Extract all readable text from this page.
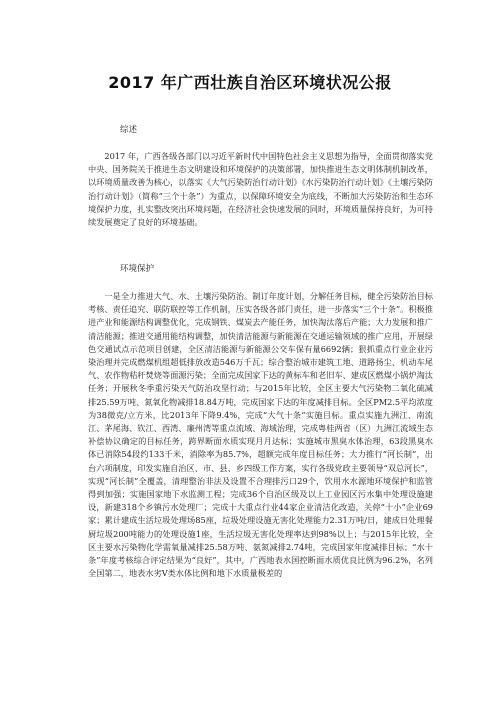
2017 年广西壮族自治区环境状况公报
综述

2017 年，广西各级各部门以习近平新时代中国特色社会主义思想为指导，全面贯彻落实党中央、国务院关于推进生态文明建设和环境保护的决策部署，加快推进生态文明体制机制改革，以环境质量改善为核心，以落实《大气污染防治行动计划》《水污染防治行动计划》《土壤污染防治行动计划》（简称“三个十条”）为重点，以保障环境安全为底线，不断加大污染防治和生态环境保护力度，扎实整改突出环境问题，在经济社会快速发展的同时，环境质量保持良好，为可持续发展奠定了良好的环境基础。

环境保护

一是全力推进大气、水、土壤污染防治。制订年度计划，分解任务目标，健全污染防治目标考核、责任追究、联防联控等工作机制，压实各级各部门责任，进一步落实“三个十条”。积极推进产业和能源结构调整优化，完成钢铁、煤炭去产能任务，加快淘汰落后产能；大力发展和推广清洁能源；推进交通用能结构调整，加快清洁能源与新能源在交通运输领域的推广应用，开展绿色交通试点示范项目创建，全区清洁能源与新能源公交车保有量6692辆；狠抓重点行业企业污染治理并完成燃煤机组超低排放改造546万千瓦；综合整治城市建筑工地、道路扬尘、机动车尾气、农作物秸秆焚烧等面源污染；全面完成国家下达的黄标车和老旧车、建成区燃煤小锅炉淘汰任务；开展秋冬季重污染天气防治攻坚行动；与2015年比较，全区主要大气污染物二氧化硫减排25.59万吨、氮氧化物减排18.84万吨，完成国家下达的年度减排目标。全区PM2.5平均浓度为38微克/立方米，比2013年下降9.4%，完成“大气十条”实施目标。重点实施九洲江、南流江、茅尾海、钦江、西湾、廉州湾等重点流域、海域治理，完成粤桂两省（区）九洲江流域生态补偿协议确定的目标任务，跨界断面水质实现月月达标；实施城市黑臭水体治理，63段黑臭水体已消除54段约133千米，消除率为85.7%，超额完成年度目标任务；大力推行“河长制”，出台六项制度，印发实施自治区、市、县、乡四级工作方案，实行各级党政主要领导“双总河长”，实现“河长制”全覆盖，清理整治非法及设置不合理排污口29个，饮用水水源地环境保护和监管得到加强；实施国家地下水监测工程；完成36个自治区级及以上工业园区污水集中处理设施建设，新建318个乡镇污水处理厂；完成十大重点行业44家企业清洁化改造，关停“十小”企业69家；累计建成生活垃圾处理场85座，垃圾处理设施无害化处理能力2.31万吨/日，建成日处理餐厨垃圾200吨能力的处理设施1座，生活垃圾无害化处理率达到98%以上；与2015年比较，全区主要水污染物化学需氧量减排25.58万吨、氨氮减排2.74吨，完成国家年度减排目标；“水十条”年度考核综合评定结果为“良好”，其中，广西地表水国控断面水质优良比例为96.2%，名列全国第二，地表水劣Ⅴ类水体比例和地下水质量极差的
